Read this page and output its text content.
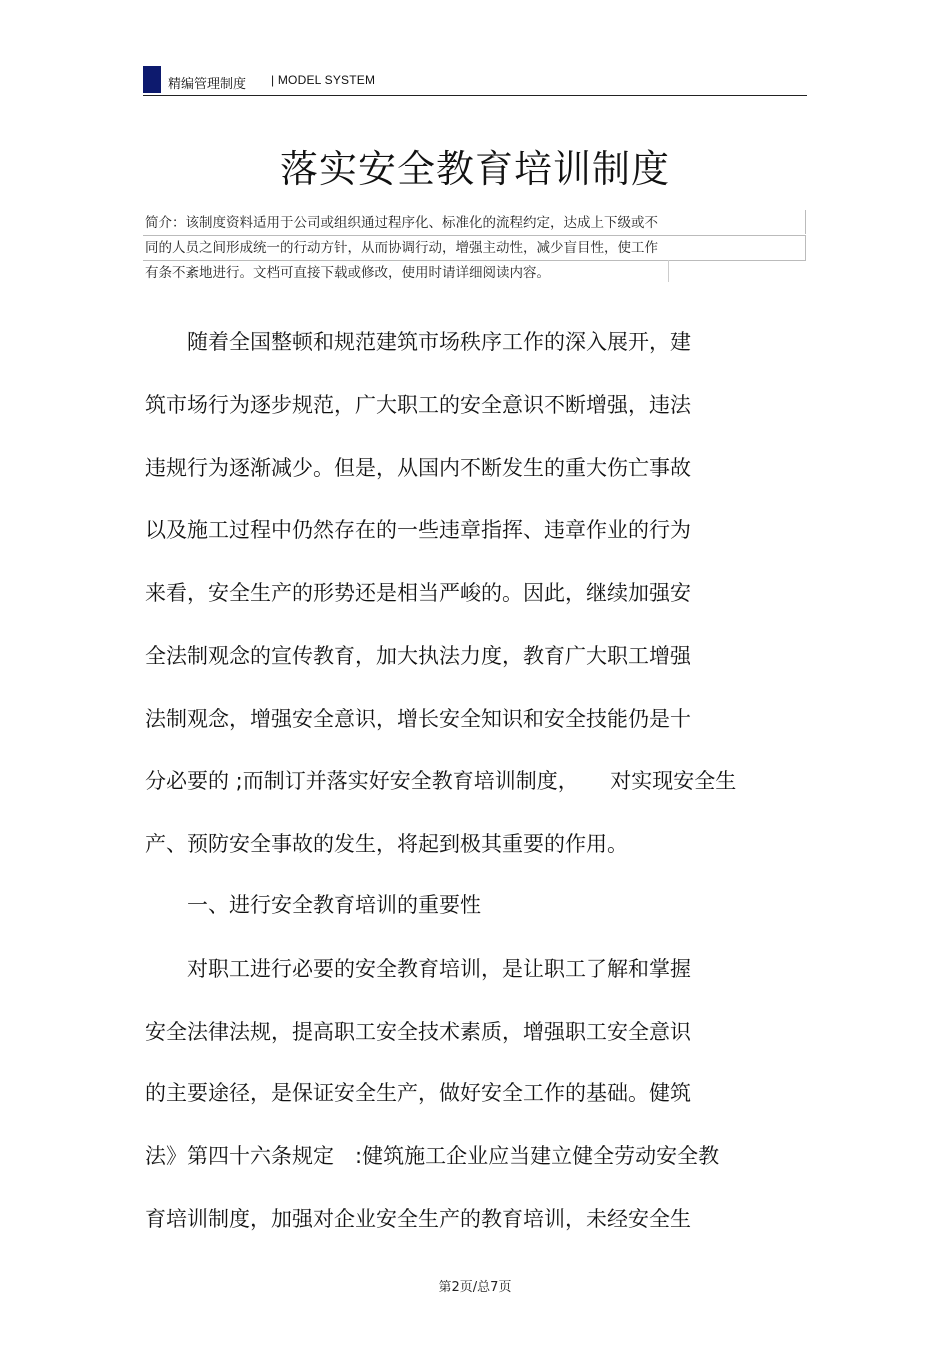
精编管理制度 | MODEL SYSTEM
落实安全教育培训制度
简介：该制度资料适用于公司或组织通过程序化、标准化的流程约定，达成上下级或不
同的人员之间形成统一的行动方针，从而协调行动，增强主动性，减少盲目性，使工作
有条不紊地进行。文档可直接下载或修改，使用时请详细阅读内容。
　　随着全国整顿和规范建筑市场秩序工作的深入展开，建
筑市场行为逐步规范，广大职工的安全意识不断增强，违法
违规行为逐渐减少。但是，从国内不断发生的重大伤亡事故
以及施工过程中仍然存在的一些违章指挥、违章作业的行为
来看，安全生产的形势还是相当严峻的。因此，继续加强安
全法制观念的宣传教育，加大执法力度，教育广大职工增强
法制观念，增强安全意识，增长安全知识和安全技能仍是十
分必要的 ;而制订并落实好安全教育培训制度，　　对实现安全生
产、预防安全事故的发生，将起到极其重要的作用。
　　一、进行安全教育培训的重要性
　　对职工进行必要的安全教育培训，是让职工了解和掌握
安全法律法规，提高职工安全技术素质，增强职工安全意识
的主要途径，是保证安全生产，做好安全工作的基础。健筑
法》第四十六条规定　:健筑施工企业应当建立健全劳动安全教
育培训制度，加强对企业安全生产的教育培训，未经安全生
第2页/总7页
